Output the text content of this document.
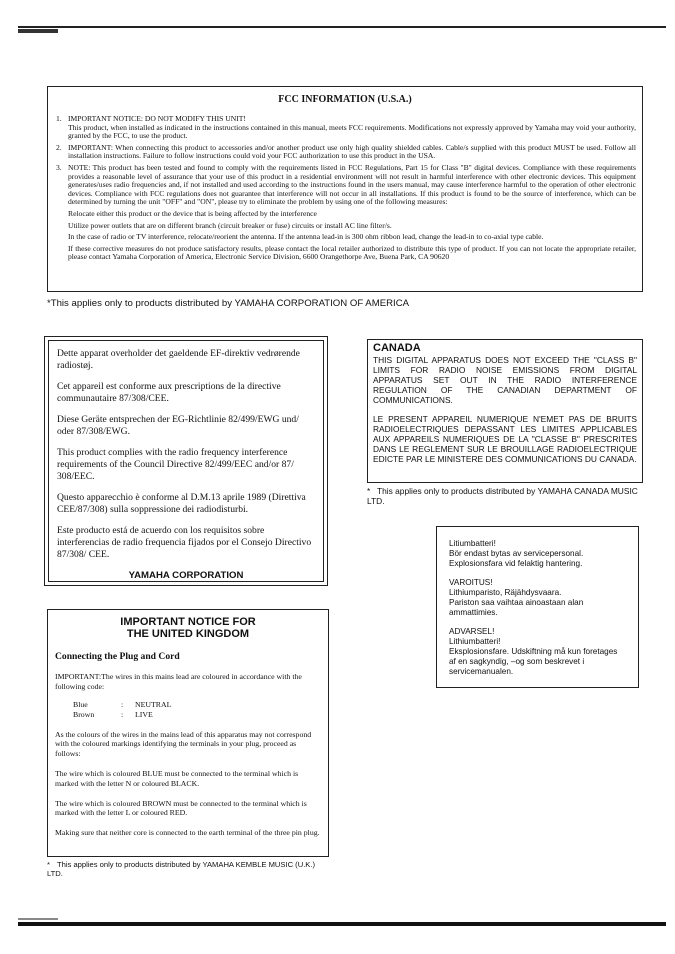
FCC INFORMATION (U.S.A.)
1. IMPORTANT NOTICE: DO NOT MODIFY THIS UNIT!
This product, when installed as indicated in the instructions contained in this manual, meets FCC requirements. Modifications not expressly approved by Yamaha may void your authority, granted by the FCC, to use the product.
2. IMPORTANT: When connecting this product to accessories and/or another product use only high quality shielded cables. Cable/s supplied with this product MUST be used. Follow all installation instructions. Failure to follow instructions could void your FCC authorization to use this product in the USA.
3. NOTE: This product has been tested and found to comply with the requirements listed in FCC Regulations, Part 15 for Class "B" digital devices. Compliance with these requirements provides a reasonable level of assurance that your use of this product in a residential environment will not result in harmful interference with other electronic devices. This equipment generates/uses radio frequencies and, if not installed and used according to the instructions found in the users manual, may cause interference harmful to the operation of other electronic devices. Compliance with FCC regulations does not guarantee that interference will not occur in all installations. If this product is found to be the source of interference, which can be determined by turning the unit "OFF" and "ON", please try to eliminate the problem by using one of the following measures:
Relocate either this product or the device that is being affected by the interference
Utilize power outlets that are on different branch (circuit breaker or fuse) circuits or install AC line filter/s.
In the case of radio or TV interference, relocate/reorient the antenna. If the antenna lead-in is 300 ohm ribbon lead, change the lead-in to co-axial type cable.
If these corrective measures do not produce satisfactory results, please contact the local retailer authorized to distribute this type of product. If you can not locate the appropriate retailer, please contact Yamaha Corporation of America, Electronic Service Division, 6600 Orangethorpe Ave, Buena Park, CA 90620
*This applies only to products distributed by YAMAHA CORPORATION OF AMERICA

Dette apparat overholder det gaeldende EF-direktiv vedrørende radiostøj.

Cet appareil est conforme aux prescriptions de la directive communautaire 87/308/CEE.

Diese Geräte entsprechen der EG-Richtlinie 82/499/EWG und/ oder 87/308/EWG.

This product complies with the radio frequency interference requirements of the Council Directive 82/499/EEC and/or 87/ 308/EEC.

Questo apparecchio è conforme al D.M.13 aprile 1989 (Direttiva CEE/87/308) sulla soppressione dei radiodisturbi.

Este producto está de acuerdo con los requisitos sobre interferencias de radio frequencia fijados por el Consejo Directivo 87/308/ CEE.

YAMAHA CORPORATION
CANADA

THIS DIGITAL APPARATUS DOES NOT EXCEED THE "CLASS B" LIMITS FOR RADIO NOISE EMISSIONS FROM DIGITAL APPARATUS SET OUT IN THE RADIO INTERFERENCE REGULATION OF THE CANADIAN DEPARTMENT OF COMMUNICATIONS.

LE PRESENT APPAREIL NUMERIQUE N'EMET PAS DE BRUITS RADIOELECTRIQUES DEPASSANT LES LIMITES APPLICABLES AUX APPAREILS NUMERIQUES DE LA "CLASSE B" PRESCRITES DANS LE REGLEMENT SUR LE BROUILLAGE RADIOELECTRIQUE EDICTE PAR LE MINISTERE DES COMMUNICATIONS DU CANADA.

* This applies only to products distributed by YAMAHA CANADA MUSIC LTD.
Litiumbatteri!
Bör endast bytas av servicepersonal.
Explosionsfara vid felaktig hantering.
VAROITUS!
Lithiumparisto, Räjähdysvaara.
Pariston saa vaihtaa ainoastaan alan
ammattimies.
ADVARSEL!
Lithiumbatteri!
Eksplosionsfare. Udskiftning må kun foretages
af en sagkyndig, –og som beskrevet i
servicemanualen.
IMPORTANT NOTICE FOR
THE UNITED KINGDOM
Connecting the Plug and Cord
IMPORTANT:The wires in this mains lead are coloured in accordance with the following code:
Blue	:	NEUTRAL
Brown	:	LIVE
As the colours of the wires in the mains lead of this apparatus may not correspond with the coloured markings identifying the terminals in your plug, proceed as follows:
The wire which is coloured BLUE must be connected to the terminal which is marked with the letter N or coloured BLACK.
The wire which is coloured BROWN must be connected to the terminal which is marked with the letter L or coloured RED.
Making sure that neither core is connected to the earth terminal of the three pin plug.
* This applies only to products distributed by YAMAHA KEMBLE MUSIC (U.K.) LTD.
